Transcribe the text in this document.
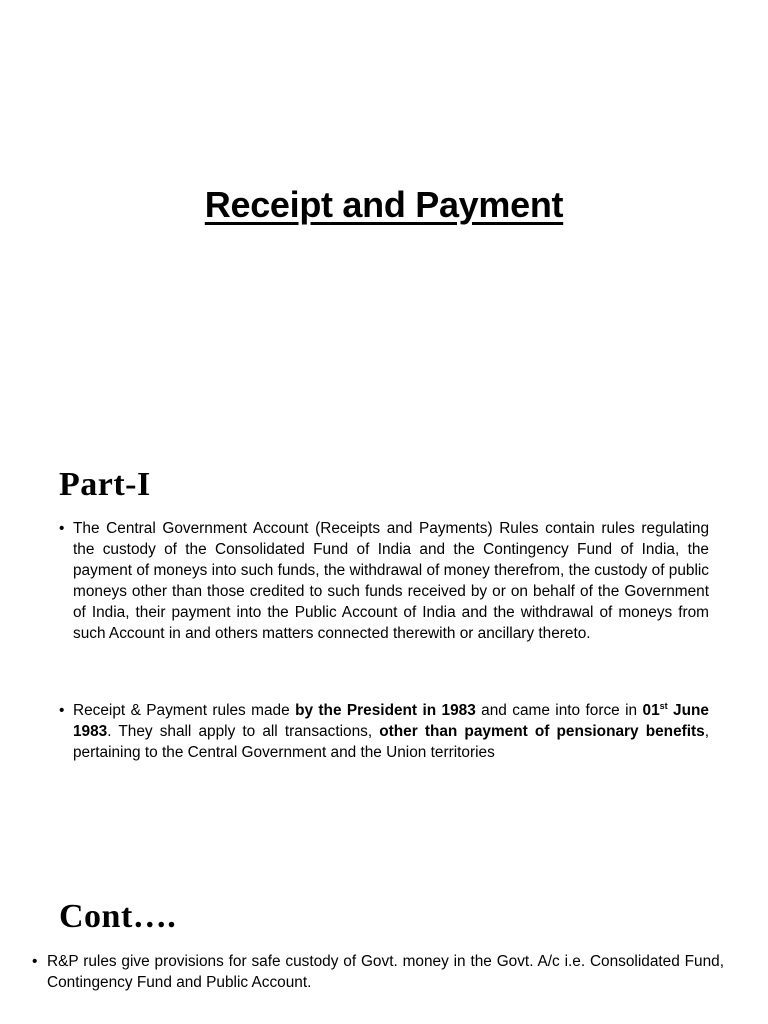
Receipt and Payment
Part-I

• The Central Government Account (Receipts and Payments) Rules contain rules regulating the custody of the Consolidated Fund of India and the Contingency Fund of India, the payment of moneys into such funds, the withdrawal of money therefrom, the custody of public moneys other than those credited to such funds received by or on behalf of the Government of India, their payment into the Public Account of India and the withdrawal of moneys from such Account in and others matters connected therewith or ancillary thereto.

• Receipt & Payment rules made by the President in 1983 and came into force in 01st June 1983. They shall apply to all transactions, other than payment of pensionary benefits, pertaining to the Central Government and the Union territories

Cont….

• R&P rules give provisions for safe custody of Govt. money in the Govt. A/c i.e. Consolidated Fund, Contingency Fund and Public Account.
